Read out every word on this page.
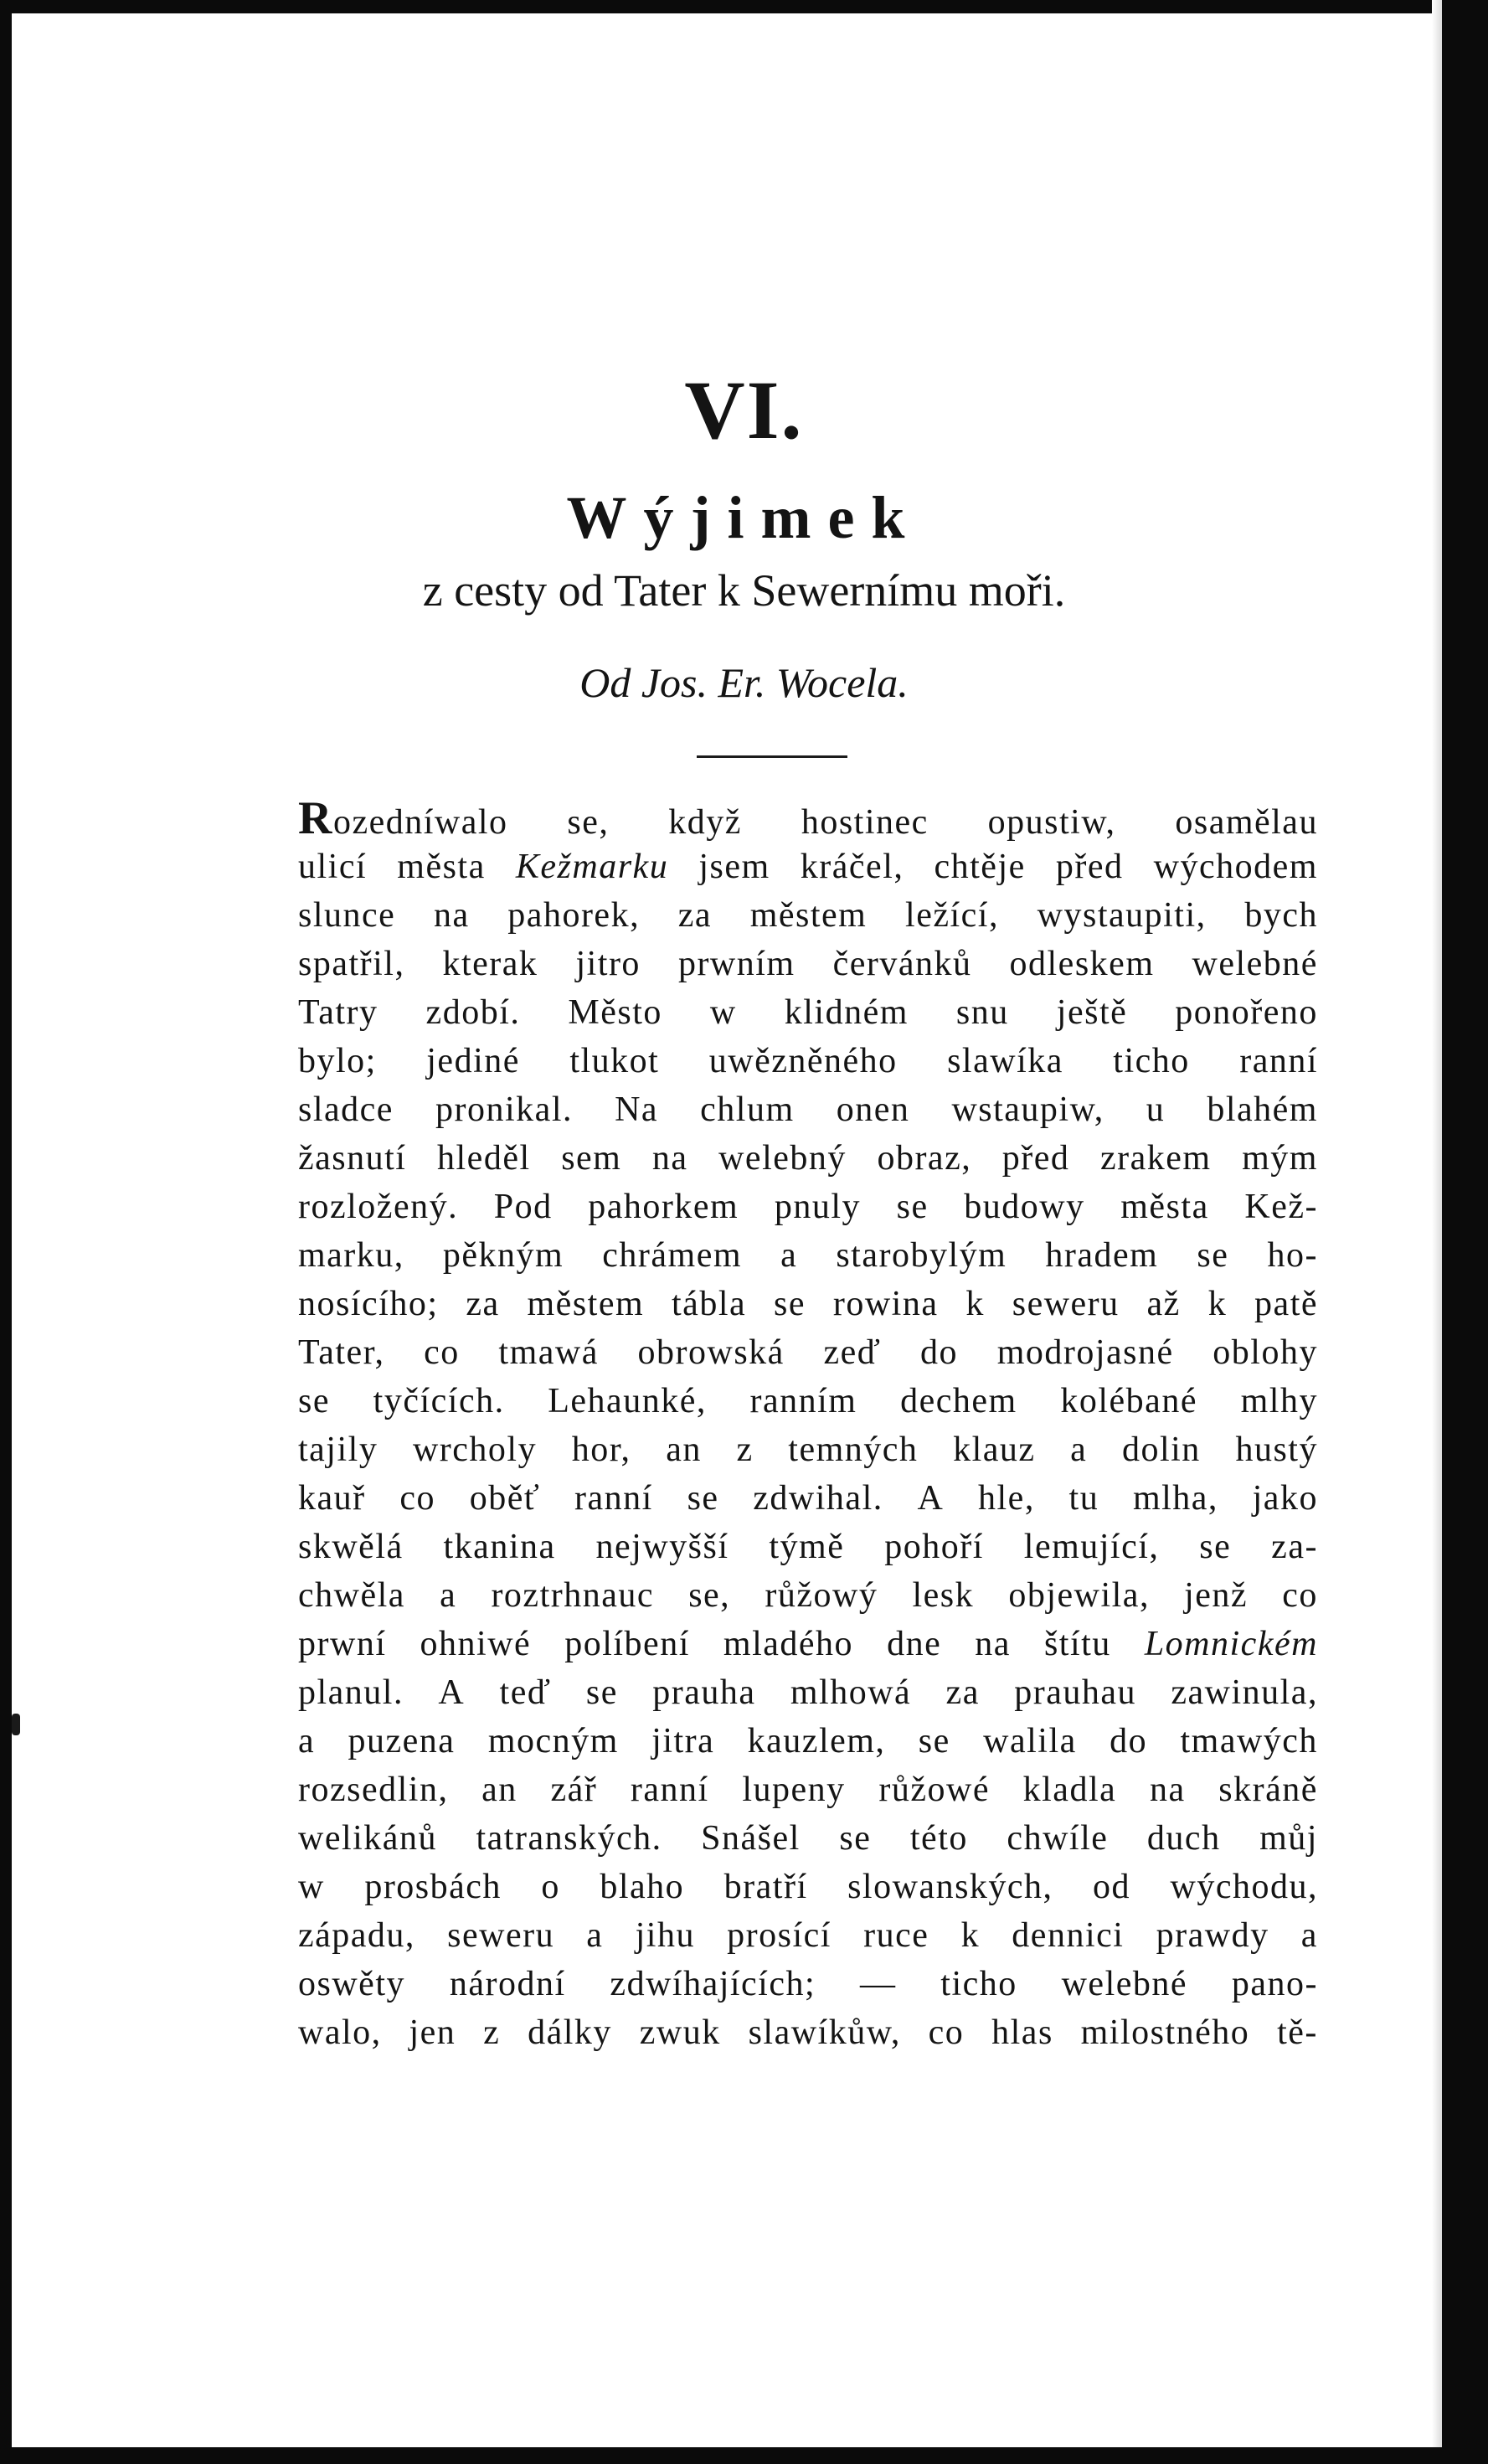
VI.
Wýjimek
z cesty od Tater k Sewernímu moři.
Od Jos. Er. Wocela.
Rozedníwalo se, když hostinec opustiw, osamělau
ulicí města Kežmarku jsem kráčel, chtěje před wýchodem
slunce na pahorek, za městem ležící, wystaupiti, bych
spatřil, kterak jitro prwním červánků odleskem welebné
Tatry zdobí. Město w klidném snu ještě ponořeno
bylo; jediné tlukot uwězněného slawíka ticho ranní
sladce pronikal. Na chlum onen wstaupiw, u blahém
žasnutí hleděl sem na welebný obraz, před zrakem mým
rozložený. Pod pahorkem pnuly se budowy města Kež-
marku, pěkným chrámem a starobylým hradem se ho-
nosícího; za městem tábla se rowina k seweru až k patě
Tater, co tmawá obrowská zeď do modrojasné oblohy
se tyčících. Lehaunké, ranním dechem kolébané mlhy
tajily wrcholy hor, an z temných klauz a dolin hustý
kauř co oběť ranní se zdwihal. A hle, tu mlha, jako
skwělá tkanina nejwyšší týmě pohoří lemující, se za-
chwěla a roztrhnauc se, růžowý lesk objewila, jenž co
prwní ohniwé políbení mladého dne na štítu Lomnickém
planul. A teď se prauha mlhowá za prauhau zawinula,
a puzena mocným jitra kauzlem, se walila do tmawých
rozsedlin, an zář ranní lupeny růžowé kladla na skráně
welikánů tatranských. Snášel se této chwíle duch můj
w prosbách o blaho bratří slowanských, od wýchodu,
západu, seweru a jihu prosící ruce k dennici prawdy a
oswěty národní zdwíhajících; — ticho welebné pano-
walo, jen z dálky zwuk slawíkůw, co hlas milostného tě-
